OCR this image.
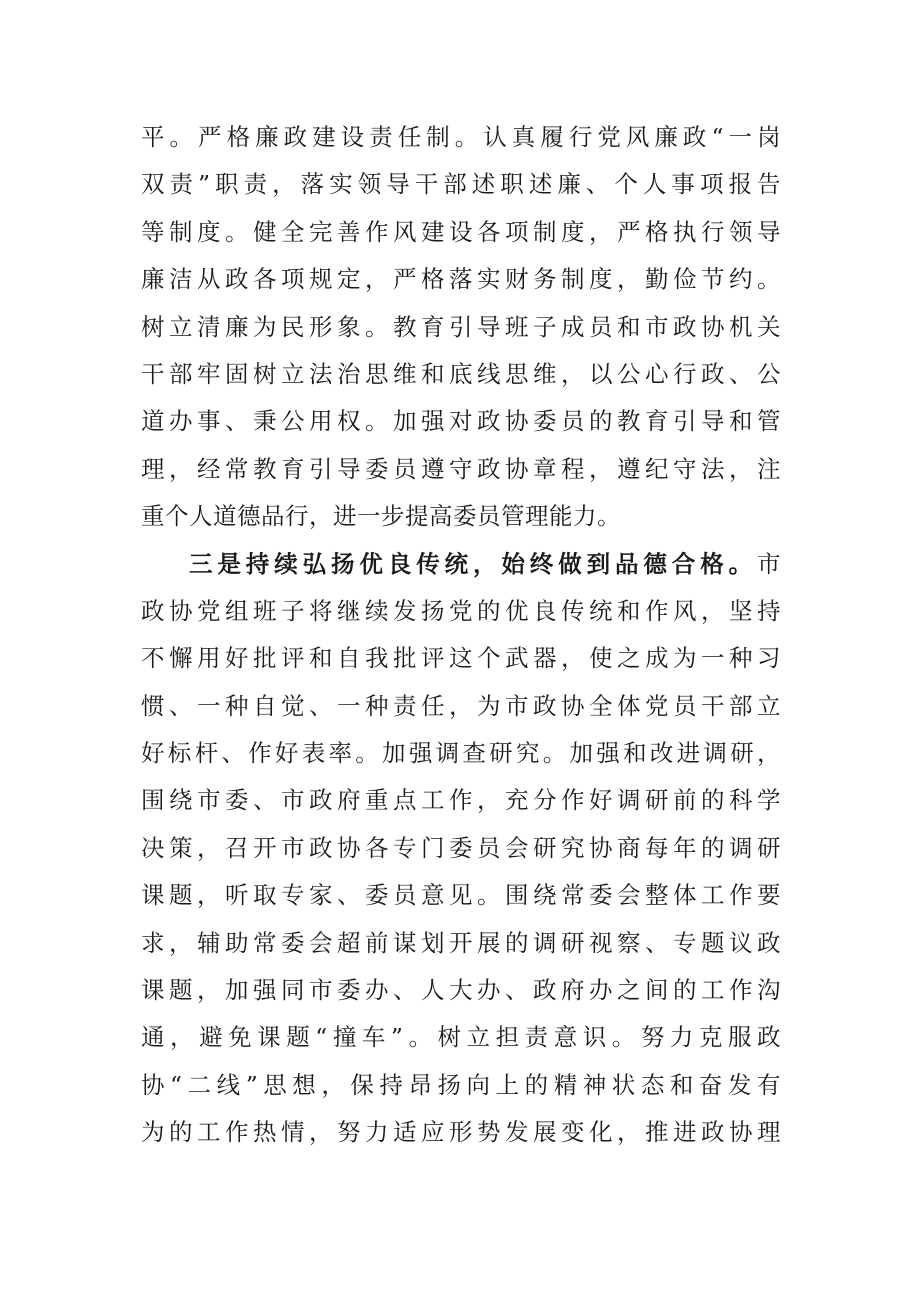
平。严格廉政建设责任制。认真履行党风廉政“一岗
双责”职责，落实领导干部述职述廉、个人事项报告
等制度。健全完善作风建设各项制度，严格执行领导
廉洁从政各项规定，严格落实财务制度，勤俭节约。
树立清廉为民形象。教育引导班子成员和市政协机关
干部牢固树立法治思维和底线思维，以公心行政、公
道办事、秉公用权。加强对政协委员的教育引导和管
理，经常教育引导委员遵守政协章程，遵纪守法，注
重个人道德品行，进一步提高委员管理能力。
三是持续弘扬优良传统，始终做到品德合格。市
政协党组班子将继续发扬党的优良传统和作风，坚持
不懈用好批评和自我批评这个武器，使之成为一种习
惯、一种自觉、一种责任，为市政协全体党员干部立
好标杆、作好表率。加强调查研究。加强和改进调研，
围绕市委、市政府重点工作，充分作好调研前的科学
决策，召开市政协各专门委员会研究协商每年的调研
课题，听取专家、委员意见。围绕常委会整体工作要
求，辅助常委会超前谋划开展的调研视察、专题议政
课题，加强同市委办、人大办、政府办之间的工作沟
通，避免课题“撞车”。树立担责意识。努力克服政
协“二线”思想，保持昂扬向上的精神状态和奋发有
为的工作热情，努力适应形势发展变化，推进政协理
